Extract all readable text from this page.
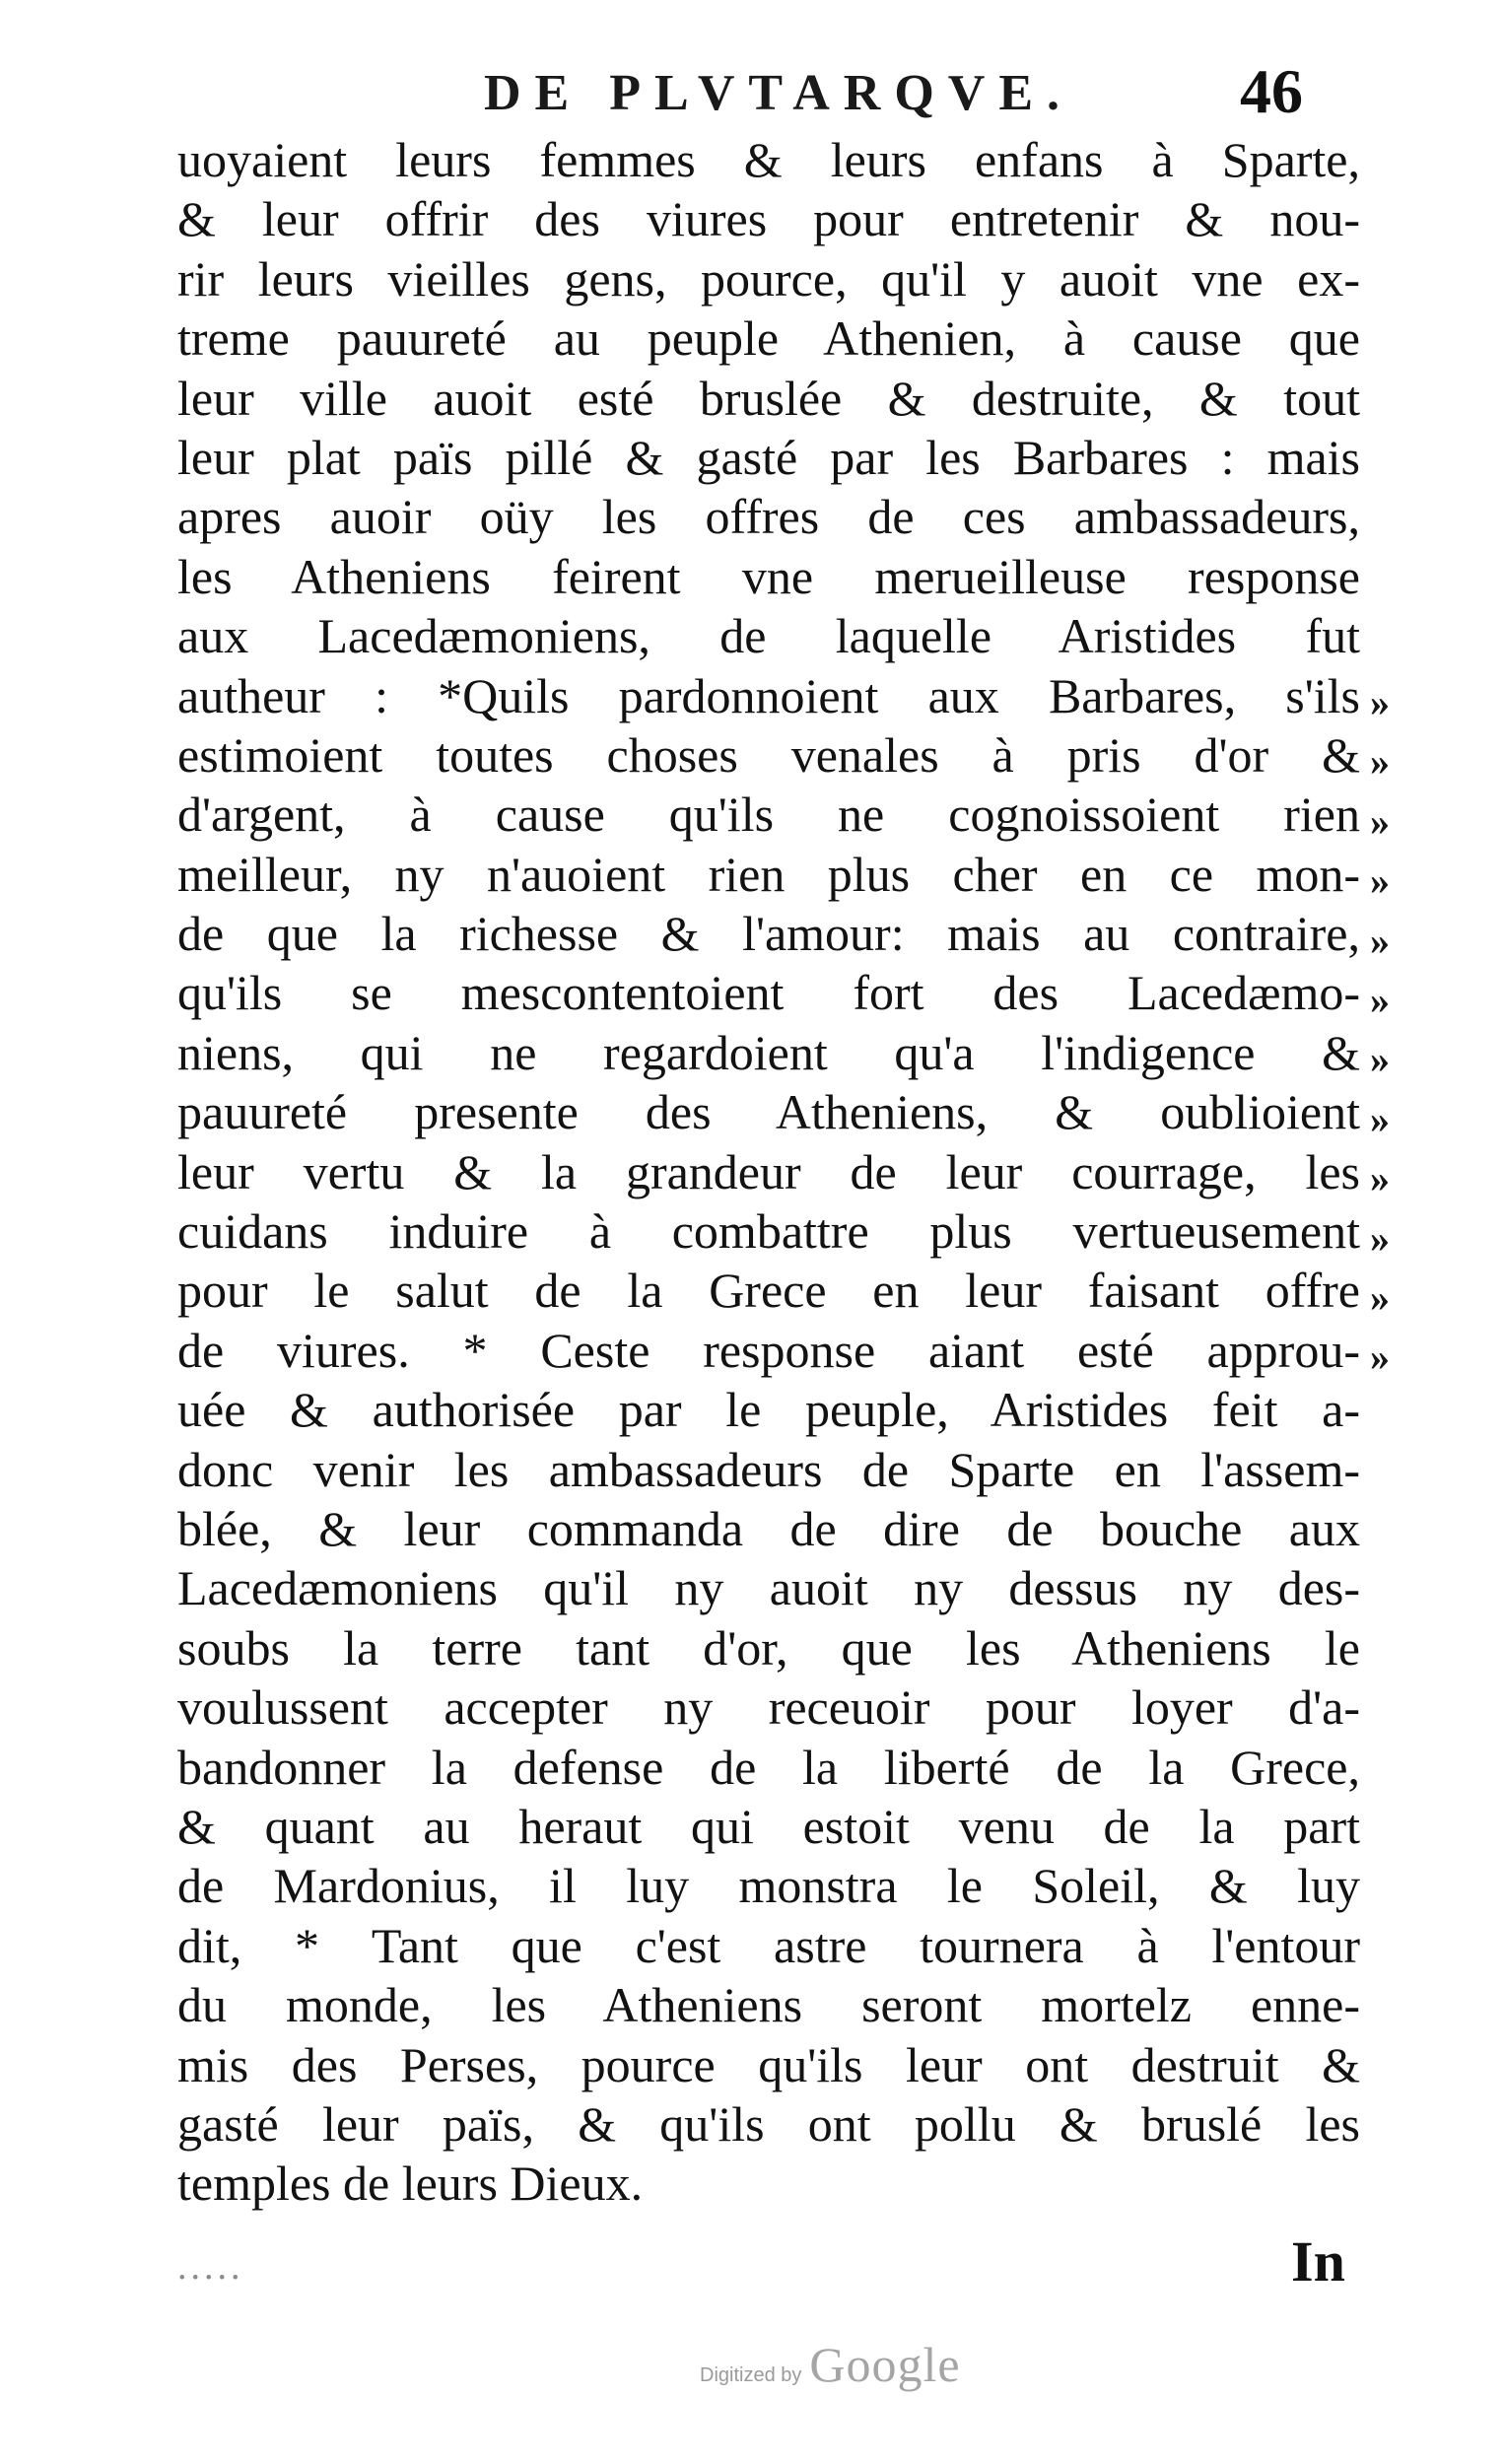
DE PLVTARQVE.	46
uoyaient leurs femmes & leurs enfans à Sparte,
& leur offrir des viures pour entretenir & nou-
rir leurs vieilles gens, pource, qu'il y auoit vne ex-
treme pauureté au peuple Athenien, à cause que
leur ville auoit esté bruslée & destruite, & tout
leur plat païs pillé & gasté par les Barbares : mais
apres auoir oüy les offres de ces ambassadeurs,
les Atheniens feirent vne merueilleuse response
aux Lacedæmoniens, de laquelle Aristides fut
autheur : *Quils pardonnoient aux Barbares, s'ils
estimoient toutes choses venales à pris d'or &
d'argent, à cause qu'ils ne cognoissoient rien
meilleur, ny n'auoient rien plus cher en ce mon-
de que la richesse & l'amour: mais au contraire,
qu'ils se mescontentoient fort des Lacedæmo-
niens, qui ne regardoient qu'a l'indigence &
pauureté presente des Atheniens, & oublioient
leur vertu & la grandeur de leur courrage, les
cuidans induire à combattre plus vertueusement
pour le salut de la Grece en leur faisant offre
de viures. * Ceste response aiant esté approu-
uée & authorisée par le peuple, Aristides feit a-
donc venir les ambassadeurs de Sparte en l'assem-
blée, & leur commanda de dire de bouche aux
Lacedæmoniens qu'il ny auoit ny dessus ny des-
soubs la terre tant d'or, que les Atheniens le
voulussent accepter ny receuoir pour loyer d'a-
bandonner la defense de la liberté de la Grece,
& quant au heraut qui estoit venu de la part
de Mardonius, il luy monstra le Soleil, & luy
dit, * Tant que c'est astre tournera à l'entour
du monde, les Atheniens seront mortelz enne-
mis des Perses, pource qu'ils leur ont destruit &
gasté leur païs, & qu'ils ont pollu & bruslé les
temples de leurs Dieux.
»
»
»
»
»
»
»
»
»
»
»
»
.....	In
Digitized by Google
